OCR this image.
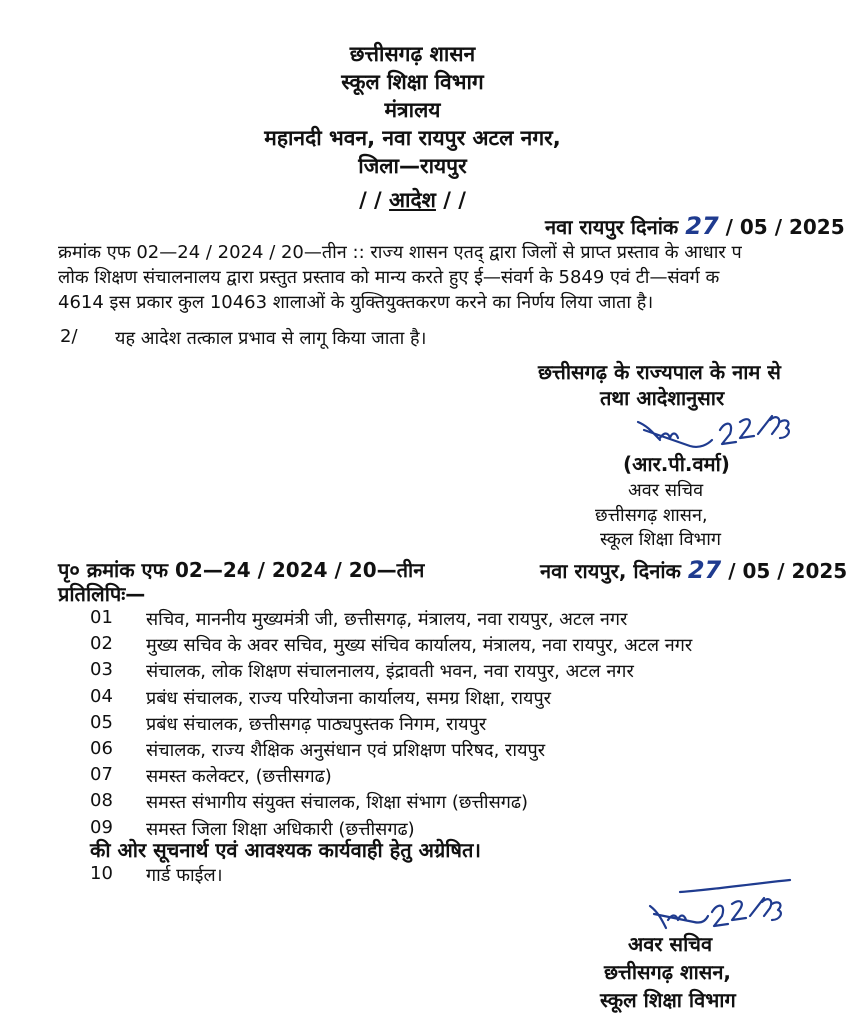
छत्तीसगढ़ शासन
स्कूल शिक्षा विभाग
मंत्रालय
महानदी भवन, नवा रायपुर अटल नगर,
जिला—रायपुर
/ / आदेश / /
नवा रायपुर दिनांक 27 / 05 / 2025
क्रमांक एफ 02—24 / 2024 / 20—तीन :: राज्य शासन एतद् द्वारा जिलों से प्राप्त प्रस्ताव के आधार प
लोक शिक्षण संचालनालय द्वारा प्रस्तुत प्रस्ताव को मान्य करते हुए ई—संवर्ग के 5849 एवं टी—संवर्ग क
4614 इस प्रकार कुल 10463 शालाओं के युक्तियुक्तकरण करने का निर्णय लिया जाता है।
2/ यह आदेश तत्काल प्रभाव से लागू किया जाता है।
छत्तीसगढ़ के राज्यपाल के नाम से
तथा आदेशानुसार
(आर.पी.वर्मा)
अवर सचिव
छत्तीसगढ़ शासन,
स्कूल शिक्षा विभाग
पृ० क्रमांक एफ 02—24 / 2024 / 20—तीन	नवा रायपुर, दिनांक 27 / 05 / 2025
प्रतिलिपिः—
01 सचिव, माननीय मुख्यमंत्री जी, छत्तीसगढ़, मंत्रालय, नवा रायपुर, अटल नगर
02 मुख्य सचिव के अवर सचिव, मुख्य संचिव कार्यालय, मंत्रालय, नवा रायपुर, अटल नगर
03 संचालक, लोक शिक्षण संचालनालय, इंद्रावती भवन, नवा रायपुर, अटल नगर
04 प्रबंध संचालक, राज्य परियोजना कार्यालय, समग्र शिक्षा, रायपुर
05 प्रबंध संचालक, छत्तीसगढ़ पाठ्यपुस्तक निगम, रायपुर
06 संचालक, राज्य शैक्षिक अनुसंधान एवं प्रशिक्षण परिषद, रायपुर
07 समस्त कलेक्टर, (छत्तीसगढ)
08 समस्त संभागीय संयुक्त संचालक, शिक्षा संभाग (छत्तीसगढ)
09 समस्त जिला शिक्षा अधिकारी (छत्तीसगढ)
की ओर सूचनार्थ एवं आवश्यक कार्यवाही हेतु अग्रेषित।
10 गार्ड फाईल।
अवर सचिव
छत्तीसगढ़ शासन,
स्कूल शिक्षा विभाग
